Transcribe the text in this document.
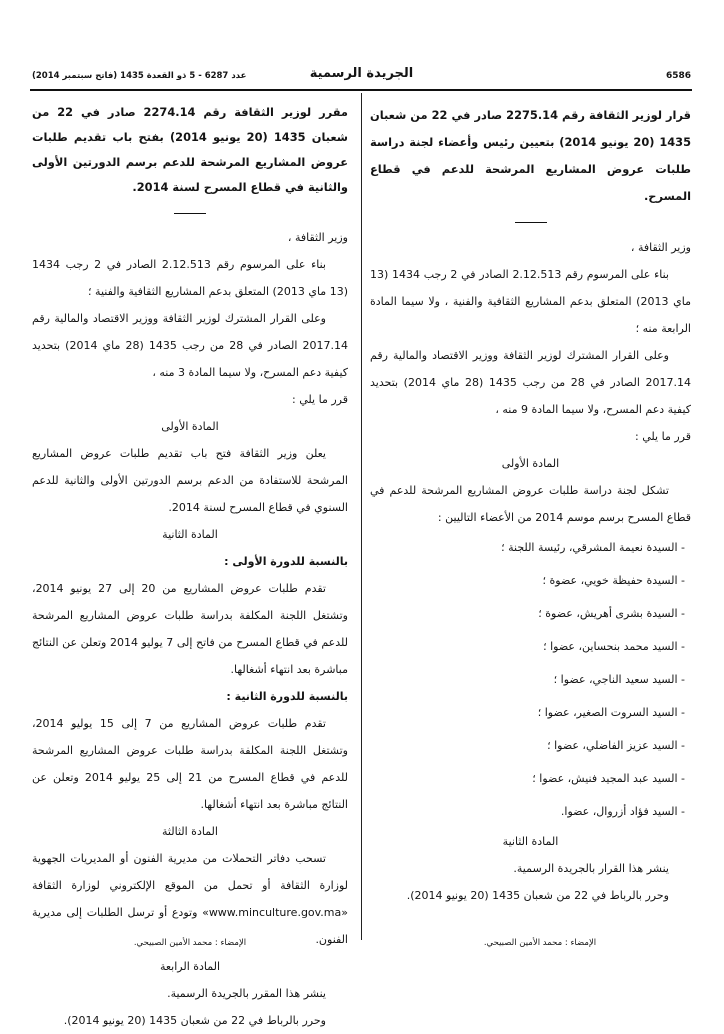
6586
الجريدة الرسمية
عدد 6287 - 5 ذو القعدة 1435 (فاتح سبتمبر 2014)

قرار لوزير الثقافة رقم 2275.14 صادر في 22 من شعبان 1435 (20 يونيو 2014) بتعيين رئيس وأعضاء لجنة دراسة طلبات عروض المشاريع المرشحة للدعم في قطاع المسرح.

وزير الثقافة ،

بناء على المرسوم رقم 2.12.513 الصادر في 2 رجب 1434 (13 ماي 2013) المتعلق بدعم المشاريع الثقافية والفنية ، ولا سيما المادة الرابعة منه ؛

وعلى القرار المشترك لوزير الثقافة ووزير الاقتصاد والمالية رقم 2017.14 الصادر في 28 من رجب 1435 (28 ماي 2014) بتحديد كيفية دعم المسرح، ولا سيما المادة 9 منه ،

قرر ما يلي :

المادة الأولى

تشكل لجنة دراسة طلبات عروض المشاريع المرشحة للدعم في قطاع المسرح برسم موسم 2014 من الأعضاء التاليين :

- السيدة نعيمة المشرقي، رئيسة اللجنة ؛
- السيدة حفيظة خويي، عضوة ؛
- السيدة بشرى أهريش، عضوة ؛
- السيد محمد بنحساين، عضوا ؛
- السيد سعيد الناجي، عضوا ؛
- السيد السروت الصغير، عضوا ؛
- السيد عزيز الفاضلي، عضوا ؛
- السيد عبد المجيد فنيش، عضوا ؛
- السيد فؤاد أزروال، عضوا.

المادة الثانية

ينشر هذا القرار بالجريدة الرسمية.

وحرر بالرباط في 22 من شعبان 1435 (20 يونيو 2014).

مقرر لوزير الثقافة رقم 2274.14 صادر في 22 من شعبان 1435 (20 يونيو 2014) بفتح باب تقديم طلبات عروض المشاريع المرشحة للدعم برسم الدورتين الأولى والثانية في قطاع المسرح لسنة 2014.

وزير الثقافة ،

بناء على المرسوم رقم 2.12.513 الصادر في 2 رجب 1434 (13 ماي 2013) المتعلق بدعم المشاريع الثقافية والفنية ؛

وعلى القرار المشترك لوزير الثقافة ووزير الاقتصاد والمالية رقم 2017.14 الصادر في 28 من رجب 1435 (28 ماي 2014) بتحديد كيفية دعم المسرح، ولا سيما المادة 3 منه ،

قرر ما يلي :

المادة الأولى

يعلن وزير الثقافة فتح باب تقديم طلبات عروض المشاريع المرشحة للاستفادة من الدعم برسم الدورتين الأولى والثانية للدعم السنوي في قطاع المسرح لسنة 2014.

المادة الثانية

بالنسبة للدورة الأولى :

تقدم طلبات عروض المشاريع من 20 إلى 27 يونيو 2014، وتشتغل اللجنة المكلفة بدراسة طلبات عروض المشاريع المرشحة للدعم في قطاع المسرح من فاتح إلى 7 يوليو 2014 وتعلن عن النتائج مباشرة بعد انتهاء أشغالها.

بالنسبة للدورة الثانية :

تقدم طلبات عروض المشاريع من 7 إلى 15 يوليو 2014، وتشتغل اللجنة المكلفة بدراسة طلبات عروض المشاريع المرشحة للدعم في قطاع المسرح من 21 إلى 25 يوليو 2014 وتعلن عن النتائج مباشرة بعد انتهاء أشغالها.

المادة الثالثة

تسحب دفاتر التحملات من مديرية الفنون أو المديريات الجهوية لوزارة الثقافة أو تحمل من الموقع الإلكتروني لوزارة الثقافة «www.minculture.gov.ma» وتودع أو ترسل الطلبات إلى مديرية الفنون.

المادة الرابعة

ينشر هذا المقرر بالجريدة الرسمية.

وحرر بالرباط في 22 من شعبان 1435 (20 يونيو 2014).

الإمضاء : محمد الأمين الصبيحي.
الإمضاء : محمد الأمين الصبيحي.
